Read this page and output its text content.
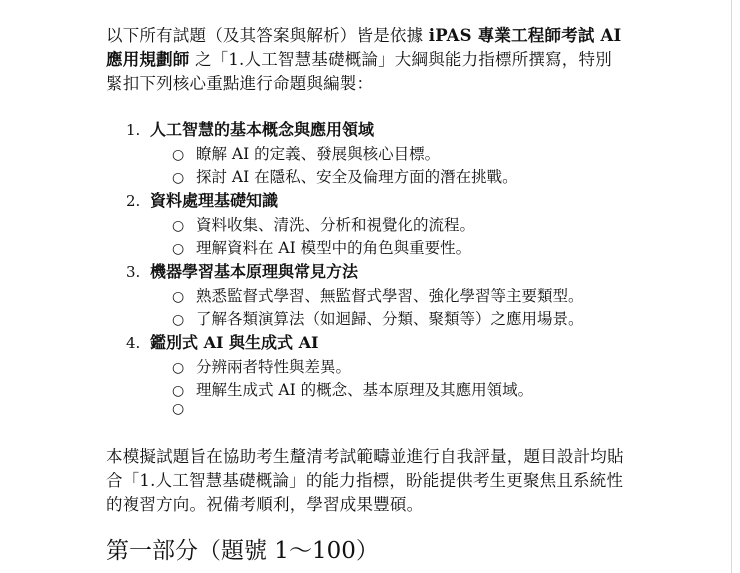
以下所有試題（及其答案與解析）皆是依據 iPAS 專業工程師考試 AI 應用規劃師 之「1.人工智慧基礎概論」大綱與能力指標所撰寫，特別緊扣下列核心重點進行命題與編製：

1. 人工智慧的基本概念與應用領域
○ 瞭解 AI 的定義、發展與核心目標。
○ 探討 AI 在隱私、安全及倫理方面的潛在挑戰。
2. 資料處理基礎知識
○ 資料收集、清洗、分析和視覺化的流程。
○ 理解資料在 AI 模型中的角色與重要性。
3. 機器學習基本原理與常見方法
○ 熟悉監督式學習、無監督式學習、強化學習等主要類型。
○ 了解各類演算法（如迴歸、分類、聚類等）之應用場景。
4. 鑑別式 AI 與生成式 AI
○ 分辨兩者特性與差異。
○ 理解生成式 AI 的概念、基本原理及其應用領域。
○

本模擬試題旨在協助考生釐清考試範疇並進行自我評量，題目設計均貼合「1.人工智慧基礎概論」的能力指標，盼能提供考生更聚焦且系統性的複習方向。祝備考順利，學習成果豐碩。

第一部分（題號 1～100）
